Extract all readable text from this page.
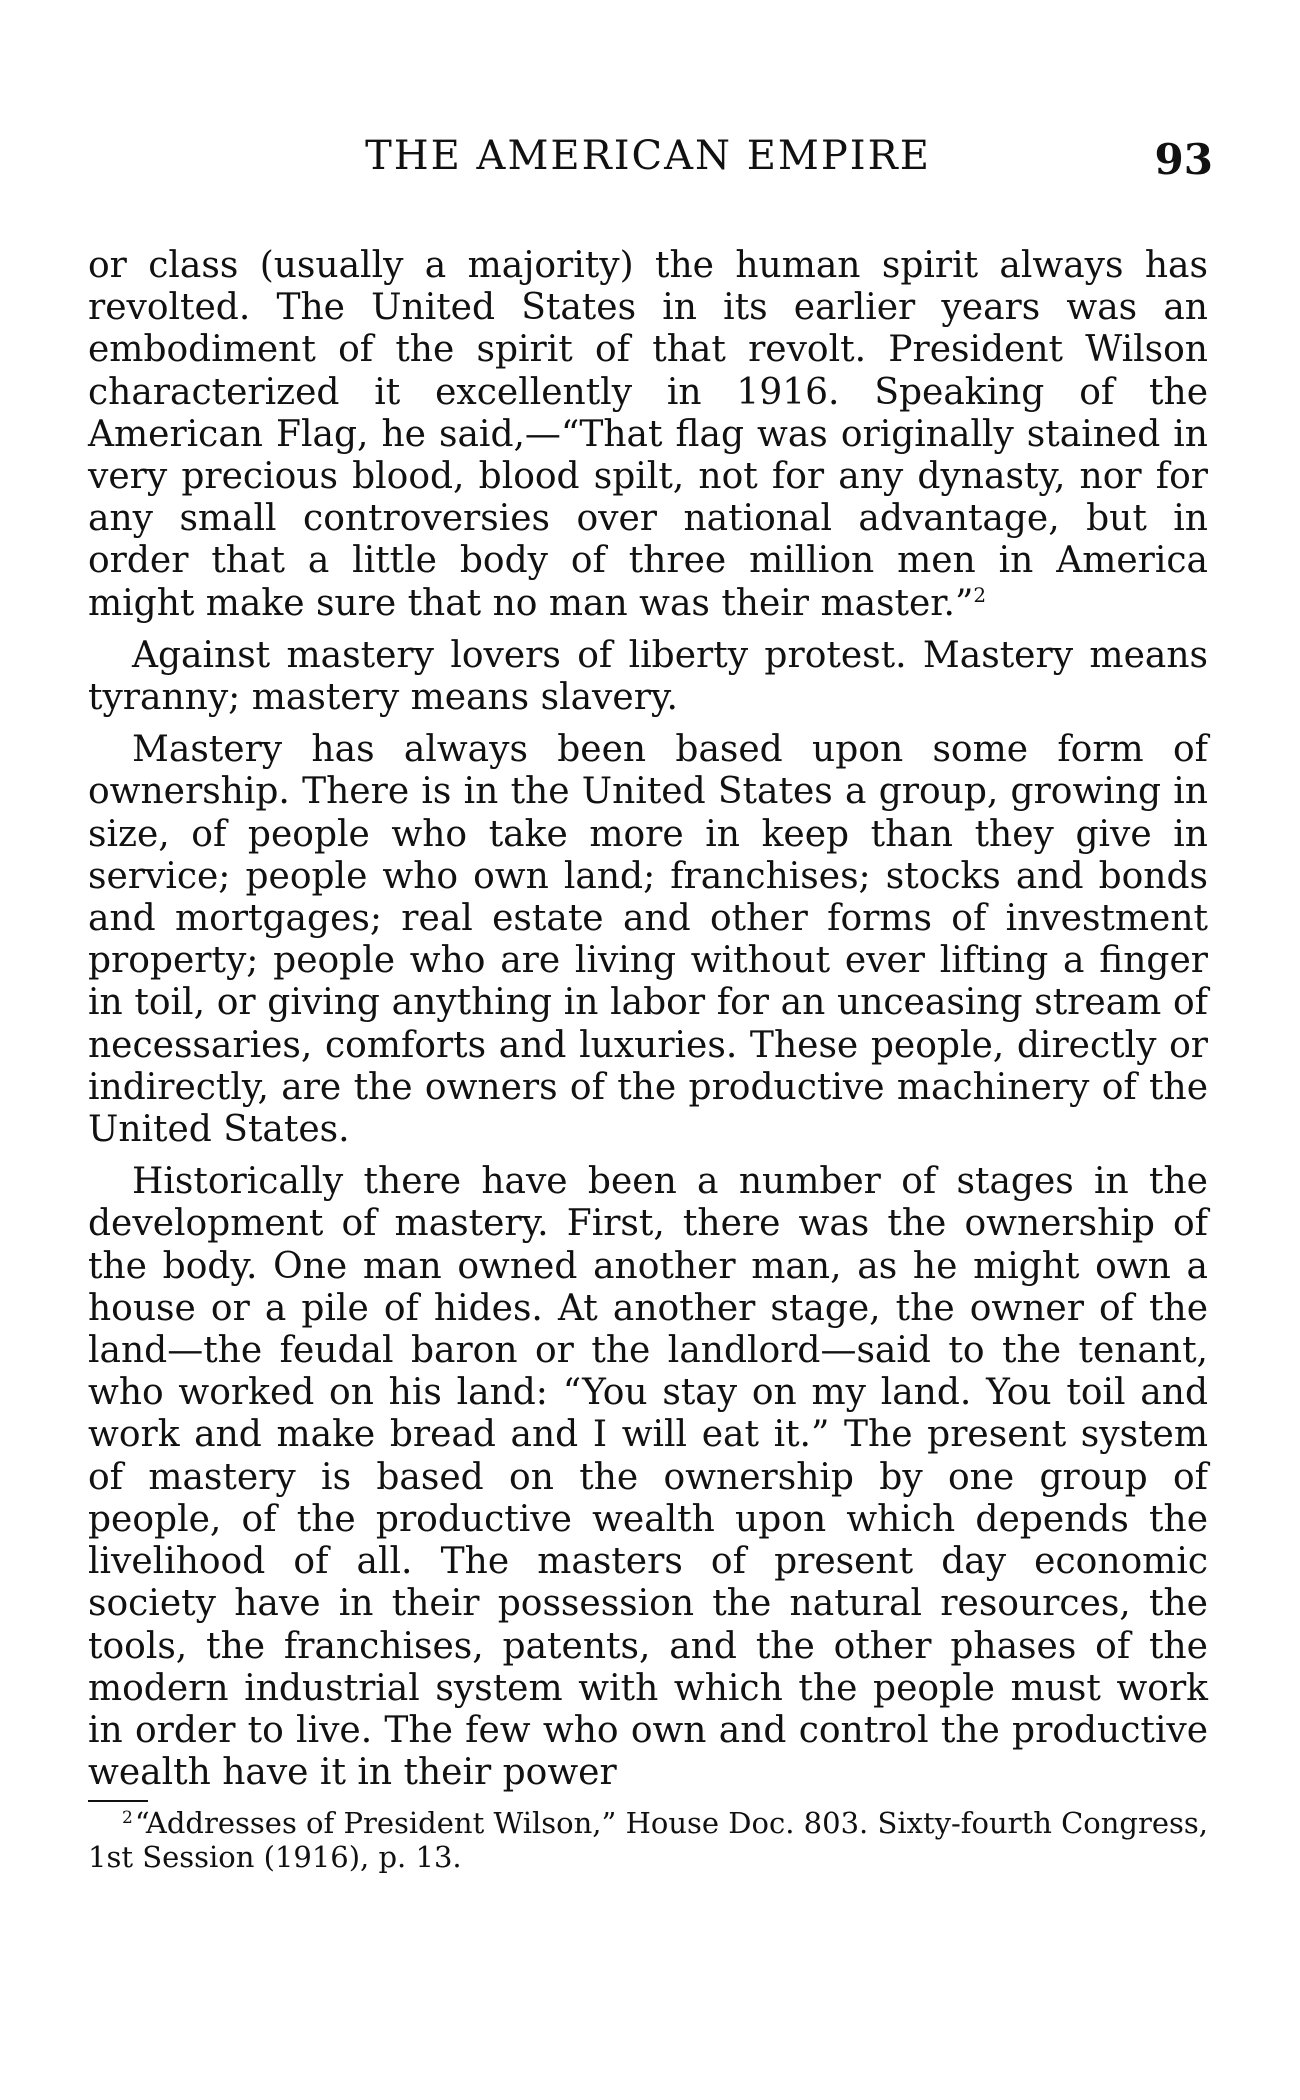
THE AMERICAN EMPIRE	93

or class (usually a majority) the human spirit always has revolted. The United States in its earlier years was an embodiment of the spirit of that revolt. President Wilson characterized it excellently in 1916. Speaking of the American Flag, he said,—“That flag was originally stained in very precious blood, blood spilt, not for any dynasty, nor for any small controversies over national advantage, but in order that a little body of three million men in America might make sure that no man was their master.”$^2$

Against mastery lovers of liberty protest. Mastery means tyranny; mastery means slavery.

Mastery has always been based upon some form of ownership. There is in the United States a group, growing in size, of people who take more in keep than they give in service; people who own land; franchises; stocks and bonds and mortgages; real estate and other forms of investment property; people who are living without ever lifting a finger in toil, or giving anything in labor for an unceasing stream of necessaries, comforts and luxuries. These people, directly or indirectly, are the owners of the productive machinery of the United States.

Historically there have been a number of stages in the development of mastery. First, there was the ownership of the body. One man owned another man, as he might own a house or a pile of hides. At another stage, the owner of the land—the feudal baron or the landlord—said to the tenant, who worked on his land: “You stay on my land. You toil and work and make bread and I will eat it.” The present system of mastery is based on the ownership by one group of people, of the productive wealth upon which depends the livelihood of all. The masters of present day economic society have in their possession the natural resources, the tools, the franchises, patents, and the other phases of the modern industrial system with which the people must work in order to live. The few who own and control the productive wealth have it in their power

$^2$“Addresses of President Wilson,” House Doc. 803. Sixty-fourth Congress, 1st Session (1916), p. 13.
